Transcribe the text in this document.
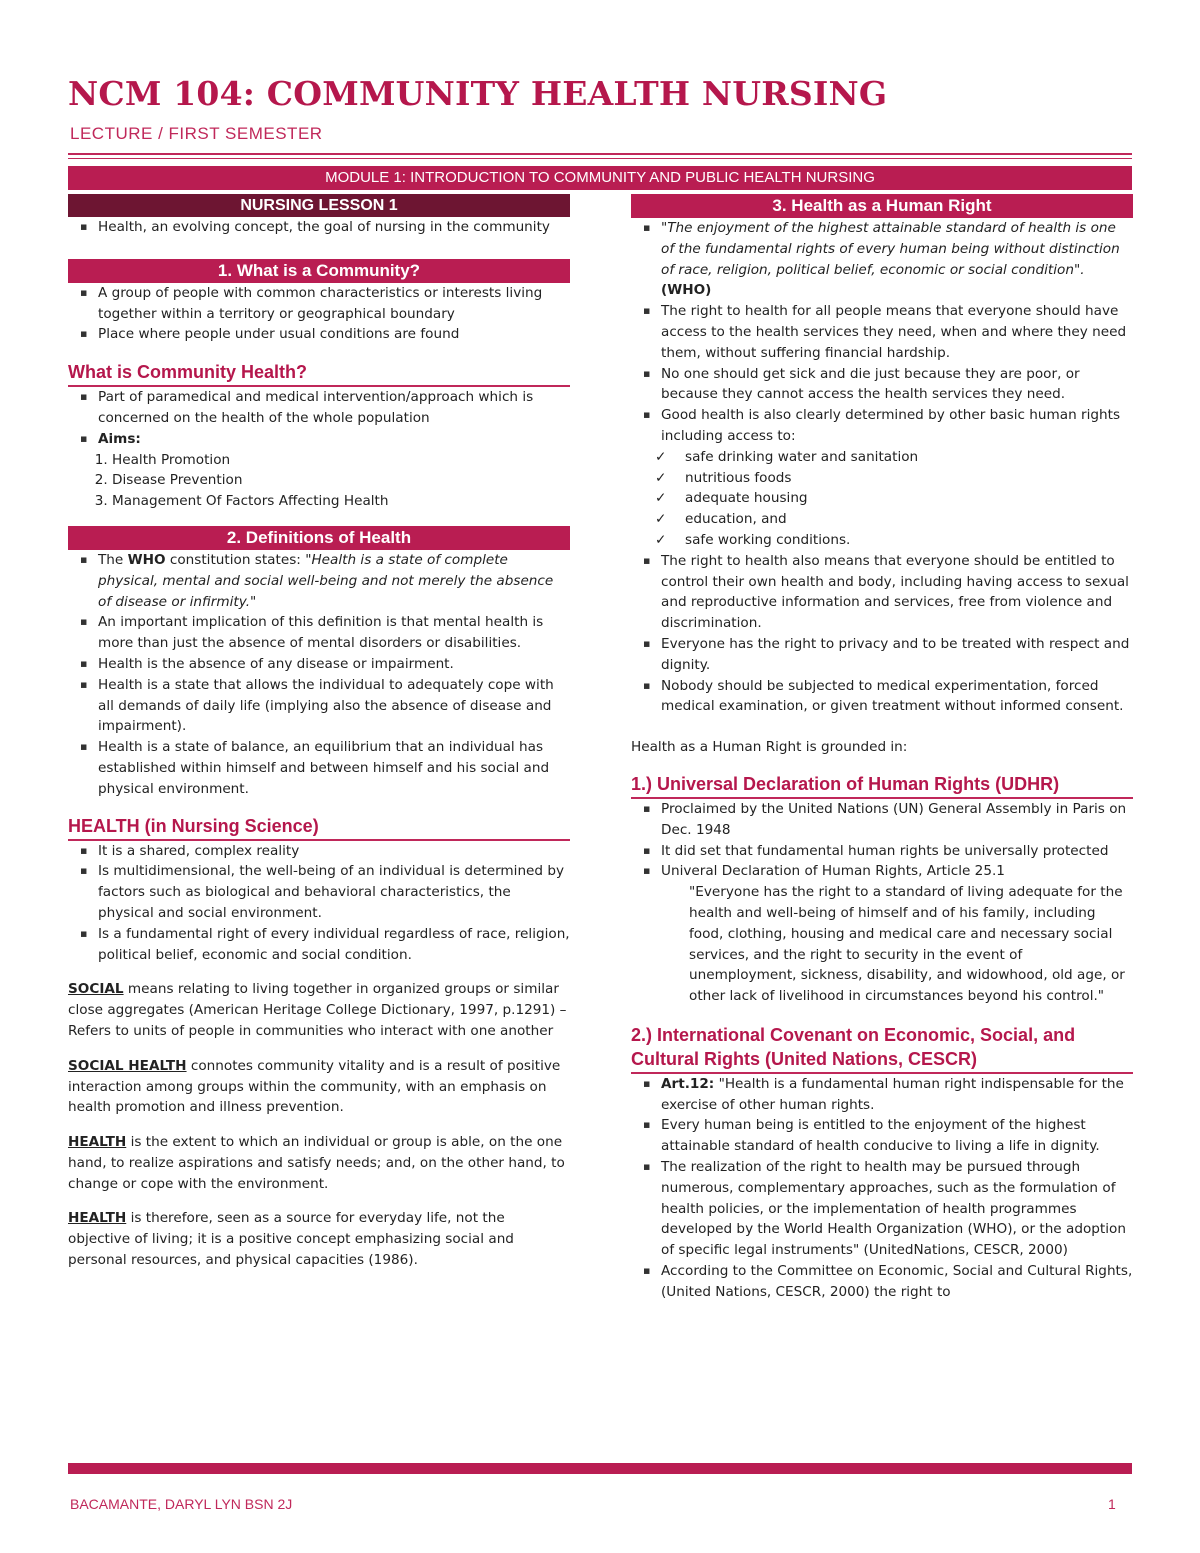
NCM 104: COMMUNITY HEALTH NURSING
LECTURE / FIRST SEMESTER
MODULE 1: INTRODUCTION TO COMMUNITY AND PUBLIC HEALTH NURSING
NURSING LESSON 1
▪ Health, an evolving concept, the goal of nursing in the community
1. What is a Community?
▪ A group of people with common characteristics or interests living together within a territory or geographical boundary
▪ Place where people under usual conditions are found
What is Community Health?
▪ Part of paramedical and medical intervention/approach which is concerned on the health of the whole population
▪ Aims:
1. Health Promotion
2. Disease Prevention
3. Management Of Factors Affecting Health
2. Definitions of Health
▪ The WHO constitution states: "Health is a state of complete physical, mental and social well-being and not merely the absence of disease or infirmity."
▪ An important implication of this definition is that mental health is more than just the absence of mental disorders or disabilities.
▪ Health is the absence of any disease or impairment.
▪ Health is a state that allows the individual to adequately cope with all demands of daily life (implying also the absence of disease and impairment).
▪ Health is a state of balance, an equilibrium that an individual has established within himself and between himself and his social and physical environment.
HEALTH (in Nursing Science)
▪ It is a shared, complex reality
▪ Is multidimensional, the well-being of an individual is determined by factors such as biological and behavioral characteristics, the physical and social environment.
▪ Is a fundamental right of every individual regardless of race, religion, political belief, economic and social condition.

SOCIAL means relating to living together in organized groups or similar close aggregates (American Heritage College Dictionary, 1997, p.1291) – Refers to units of people in communities who interact with one another

SOCIAL HEALTH connotes community vitality and is a result of positive interaction among groups within the community, with an emphasis on health promotion and illness prevention.

HEALTH is the extent to which an individual or group is able, on the one hand, to realize aspirations and satisfy needs; and, on the other hand, to change or cope with the environment.

HEALTH is therefore, seen as a source for everyday life, not the objective of living; it is a positive concept emphasizing social and personal resources, and physical capacities (1986).

3. Health as a Human Right
▪ "The enjoyment of the highest attainable standard of health is one of the fundamental rights of every human being without distinction of race, religion, political belief, economic or social condition". (WHO)
▪ The right to health for all people means that everyone should have access to the health services they need, when and where they need them, without suffering financial hardship.
▪ No one should get sick and die just because they are poor, or because they cannot access the health services they need.
▪ Good health is also clearly determined by other basic human rights including access to:
✓ safe drinking water and sanitation
✓ nutritious foods
✓ adequate housing
✓ education, and
✓ safe working conditions.
▪ The right to health also means that everyone should be entitled to control their own health and body, including having access to sexual and reproductive information and services, free from violence and discrimination.
▪ Everyone has the right to privacy and to be treated with respect and dignity.
▪ Nobody should be subjected to medical experimentation, forced medical examination, or given treatment without informed consent.

Health as a Human Right is grounded in:

1.) Universal Declaration of Human Rights (UDHR)
▪ Proclaimed by the United Nations (UN) General Assembly in Paris on Dec. 1948
▪ It did set that fundamental human rights be universally protected
▪ Univeral Declaration of Human Rights, Article 25.1

"Everyone has the right to a standard of living adequate for the health and well-being of himself and of his family, including food, clothing, housing and medical care and necessary social services, and the right to security in the event of unemployment, sickness, disability, and widowhood, old age, or other lack of livelihood in circumstances beyond his control."

2.) International Covenant on Economic, Social, and Cultural Rights (United Nations, CESCR)
▪ Art.12: "Health is a fundamental human right indispensable for the exercise of other human rights.
▪ Every human being is entitled to the enjoyment of the highest attainable standard of health conducive to living a life in dignity.
▪ The realization of the right to health may be pursued through numerous, complementary approaches, such as the formulation of health policies, or the implementation of health programmes developed by the World Health Organization (WHO), or the adoption of specific legal instruments" (UnitedNations, CESCR, 2000)
▪ According to the Committee on Economic, Social and Cultural Rights, (United Nations, CESCR, 2000) the right to
BACAMANTE, DARYL LYN BSN 2J	1
